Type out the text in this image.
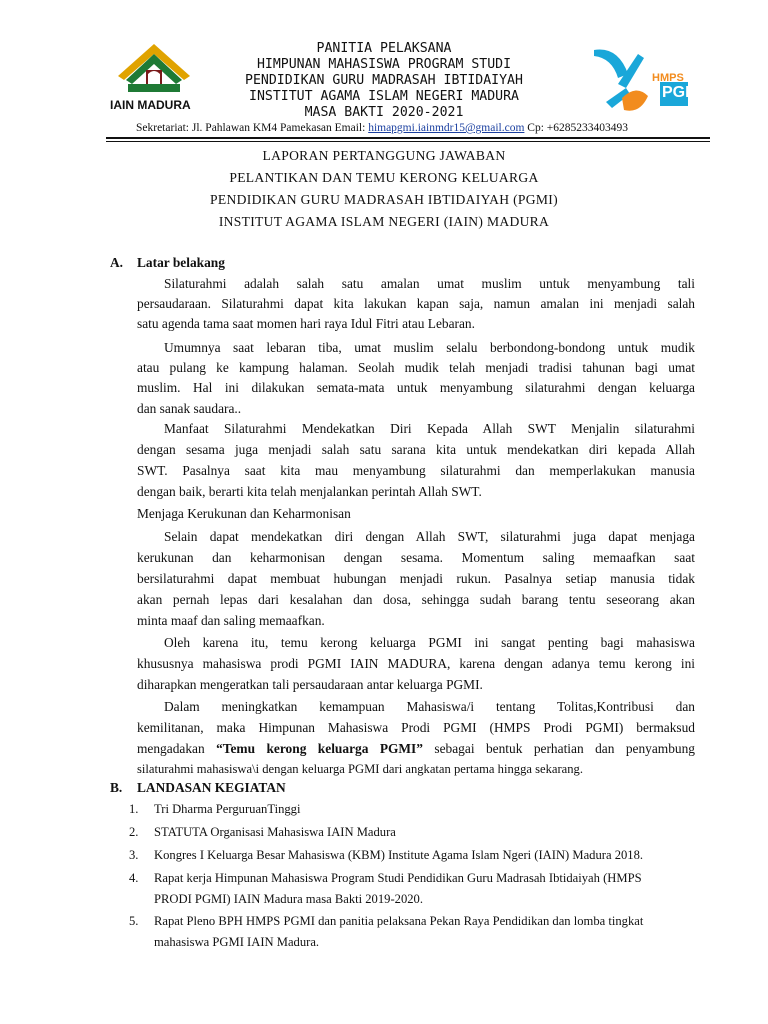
IAIN MADURA
HMPS
PGMI
PANITIA PELAKSANA
HIMPUNAN MAHASISWA PROGRAM STUDI
PENDIDIKAN GURU MADRASAH IBTIDAIYAH
INSTITUT AGAMA ISLAM NEGERI MADURA
MASA BAKTI 2020-2021
Sekretariat: Jl. Pahlawan KM4 Pamekasan Email: himapgmi.iainmdr15@gmail.com Cp: +6285233403493
LAPORAN PERTANGGUNG JAWABAN
PELANTIKAN DAN TEMU KERONG KELUARGA
PENDIDIKAN GURU MADRASAH IBTIDAIYAH (PGMI)
INSTITUT AGAMA ISLAM NEGERI (IAIN) MADURA
A. Latar belakang
Silaturahmi adalah salah satu amalan umat muslim untuk menyambung tali
persaudaraan. Silaturahmi dapat kita lakukan kapan saja, namun amalan ini menjadi salah
satu agenda tama saat momen hari raya Idul Fitri atau Lebaran.
Umumnya saat lebaran tiba, umat muslim selalu berbondong-bondong untuk mudik
atau pulang ke kampung halaman. Seolah mudik telah menjadi tradisi tahunan bagi umat
muslim. Hal ini dilakukan semata-mata untuk menyambung silaturahmi dengan keluarga
dan sanak saudara..
Manfaat Silaturahmi Mendekatkan Diri Kepada Allah SWT Menjalin silaturahmi
dengan sesama juga menjadi salah satu sarana kita untuk mendekatkan diri kepada Allah
SWT. Pasalnya saat kita mau menyambung silaturahmi dan memperlakukan manusia
dengan baik, berarti kita telah menjalankan perintah Allah SWT.
Menjaga Kerukunan dan Keharmonisan
Selain dapat mendekatkan diri dengan Allah SWT, silaturahmi juga dapat menjaga
kerukunan dan keharmonisan dengan sesama. Momentum saling memaafkan saat
bersilaturahmi dapat membuat hubungan menjadi rukun. Pasalnya setiap manusia tidak
akan pernah lepas dari kesalahan dan dosa, sehingga sudah barang tentu seseorang akan
minta maaf dan saling memaafkan.
Oleh karena itu, temu kerong keluarga PGMI ini sangat penting bagi mahasiswa
khususnya mahasiswa prodi PGMI IAIN MADURA, karena dengan adanya temu kerong ini
diharapkan mengeratkan tali persaudaraan antar keluarga PGMI.
Dalam meningkatkan kemampuan Mahasiswa/i tentang Tolitas,Kontribusi dan
kemilitanan, maka Himpunan Mahasiswa Prodi PGMI (HMPS Prodi PGMI) bermaksud
mengadakan “Temu kerong keluarga PGMI” sebagai bentuk perhatian dan penyambung
silaturahmi mahasiswa\i dengan keluarga PGMI dari angkatan pertama hingga sekarang.
B. LANDASAN KEGIATAN
1. Tri Dharma PerguruanTinggi
2. STATUTA Organisasi Mahasiswa IAIN Madura
3. Kongres I Keluarga Besar Mahasiswa (KBM) Institute Agama Islam Ngeri (IAIN) Madura 2018.
4. Rapat kerja Himpunan Mahasiswa Program Studi Pendidikan Guru Madrasah Ibtidaiyah (HMPS
PRODI PGMI) IAIN Madura masa Bakti 2019-2020.
5. Rapat Pleno BPH HMPS PGMI dan panitia pelaksana Pekan Raya Pendidikan dan lomba tingkat
mahasiswa PGMI IAIN Madura.
